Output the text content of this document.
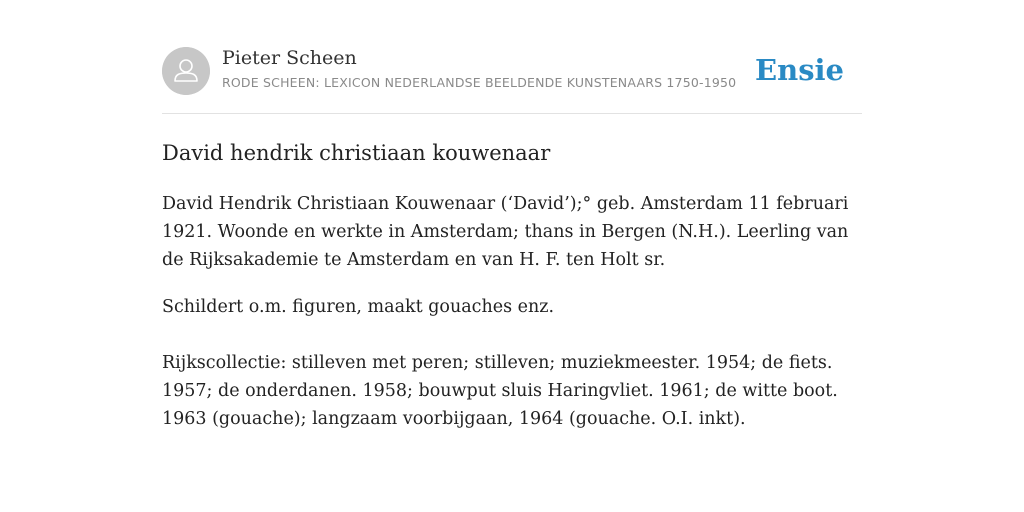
Pieter Scheen
RODE SCHEEN: LEXICON NEDERLANDSE BEELDENDE KUNSTENAARS 1750-1950 Ensie
David hendrik christiaan kouwenaar

David Hendrik Christiaan Kouwenaar (‘David’);° geb. Amsterdam 11 februari 1921. Woonde en werkte in Amsterdam; thans in Bergen (N.H.). Leerling van de Rijksakademie te Amsterdam en van H. F. ten Holt sr.

Schildert o.m. figuren, maakt gouaches enz.

Rijkscollectie: stilleven met peren; stilleven; muziekmeester. 1954; de fiets. 1957; de onderdanen. 1958; bouwput sluis Haringvliet. 1961; de witte boot. 1963 (gouache); langzaam voorbijgaan, 1964 (gouache. O.I. inkt).
